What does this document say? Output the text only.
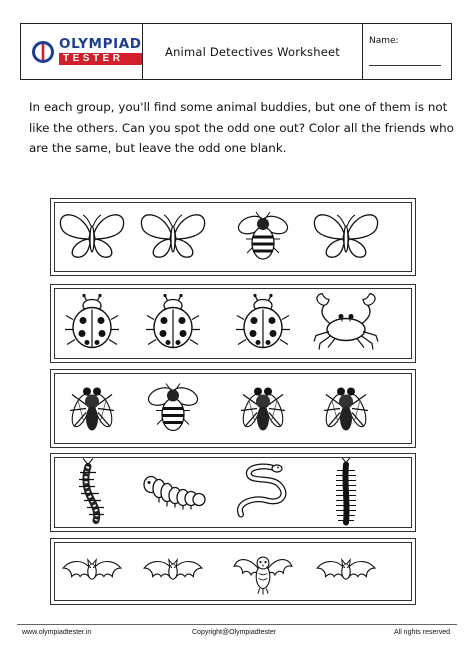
OLYMPIAD
TESTER
Animal Detectives Worksheet
Name:
In each group, you'll find some animal buddies, but one of them is not like the others. Can you spot the odd one out? Color all the friends who are the same, but leave the odd one blank.
www.olympiadtester.in	Copyright@Olympiadtester	All rights reserved
